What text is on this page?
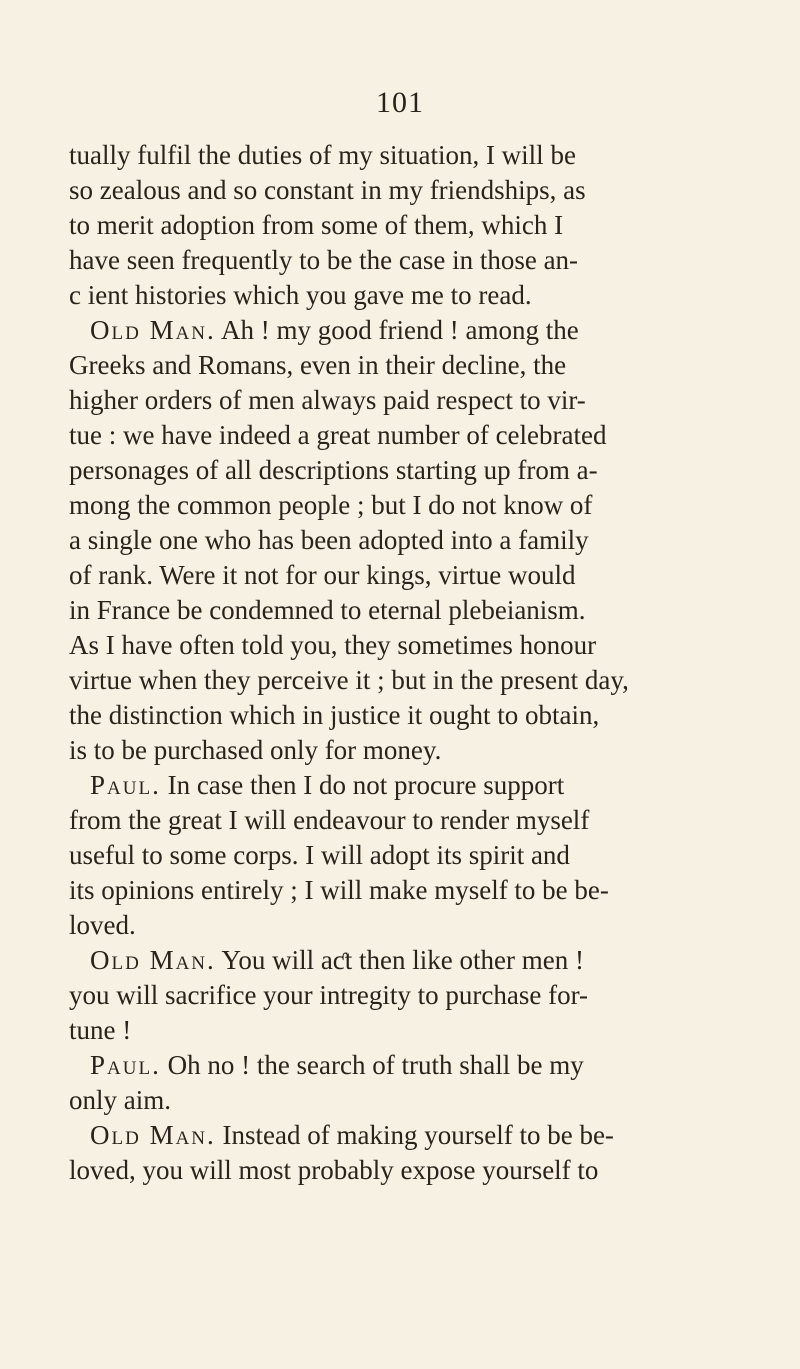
101
tually fulfil the duties of my situation, I will be
so zealous and so constant in my friendships, as
to merit adoption from some of them, which I
have seen frequently to be the case in those an-
c ient histories which you gave me to read.
Old Man. Ah ! my good friend ! among the
Greeks and Romans, even in their decline, the
higher orders of men always paid respect to vir-
tue : we have indeed a great number of celebrated
personages of all descriptions starting up from a-
mong the common people ; but I do not know of
a single one who has been adopted into a family
of rank. Were it not for our kings, virtue would
in France be condemned to eternal plebeianism.
As I have often told you, they sometimes honour
virtue when they perceive it ; but in the present day,
the distinction which in justice it ought to obtain,
is to be purchased only for money.
Paul. In case then I do not procure support
from the great I will endeavour to render myself
useful to some corps. I will adopt its spirit and
its opinions entirely ; I will make myself to be be-
loved.
Old Man. You will aƈt then like other men !
you will sacrifice your intregity to purchase for-
tune !
Paul. Oh no ! the search of truth shall be my
only aim.
Old Man. Instead of making yourself to be be-
loved, you will most probably expose yourself to
